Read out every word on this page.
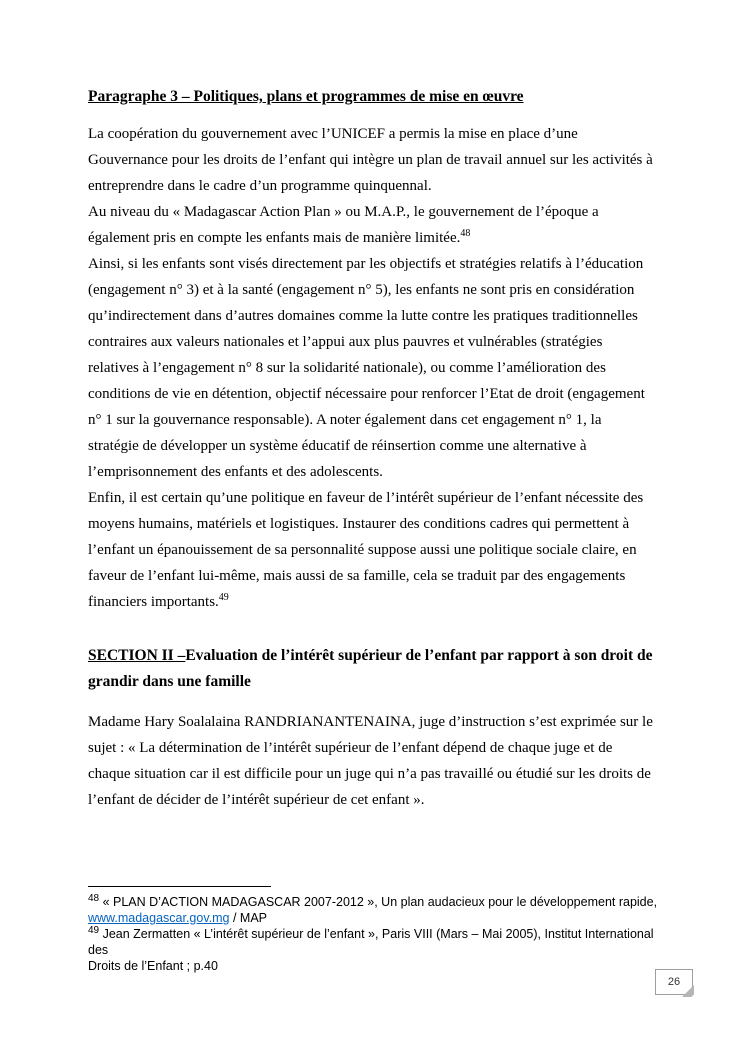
Paragraphe 3 – Politiques, plans et programmes de mise en œuvre
La coopération du gouvernement avec l’UNICEF a permis la mise en place d’une
Gouvernance pour les droits de l’enfant qui intègre un plan de travail annuel sur les activités à
entreprendre dans le cadre d’un programme quinquennal.
Au niveau du « Madagascar Action Plan » ou M.A.P., le gouvernement de l’époque a
également pris en compte les enfants mais de manière limitée.$^{48}$
Ainsi, si les enfants sont visés directement par les objectifs et stratégies relatifs à l’éducation
(engagement n° 3) et à la santé (engagement n° 5), les enfants ne sont pris en considération
qu’indirectement dans d’autres domaines comme la lutte contre les pratiques traditionnelles
contraires aux valeurs nationales et l’appui aux plus pauvres et vulnérables (stratégies
relatives à l’engagement n° 8 sur la solidarité nationale), ou comme l’amélioration des
conditions de vie en détention, objectif nécessaire pour renforcer l’Etat de droit (engagement
n° 1 sur la gouvernance responsable). A noter également dans cet engagement n° 1, la
stratégie de développer un système éducatif de réinsertion comme une alternative à
l’emprisonnement des enfants et des adolescents.
Enfin, il est certain qu’une politique en faveur de l’intérêt supérieur de l’enfant nécessite des
moyens humains, matériels et logistiques. Instaurer des conditions cadres qui permettent à
l’enfant un épanouissement de sa personnalité suppose aussi une politique sociale claire, en
faveur de l’enfant lui-même, mais aussi de sa famille, cela se traduit par des engagements
financiers importants.$^{49}$
SECTION II –Evaluation de l’intérêt supérieur de l’enfant par rapport à son droit de
grandir dans une famille
Madame Hary Soalalaina RANDRIANANTENAINA, juge d’instruction s’est exprimée sur le
sujet : « La détermination de l’intérêt supérieur de l’enfant dépend de chaque juge et de
chaque situation car il est difficile pour un juge qui n’a pas travaillé ou étudié sur les droits de
l’enfant de décider de l’intérêt supérieur de cet enfant ».
$^{48}$ « PLAN D’ACTION MADAGASCAR 2007-2012 », Un plan audacieux pour le développement rapide,
www.madagascar.gov.mg / MAP
$^{49}$ Jean Zermatten « L’intérêt supérieur de l’enfant », Paris VIII (Mars – Mai 2005), Institut International des
Droits de l’Enfant ; p.40
26
